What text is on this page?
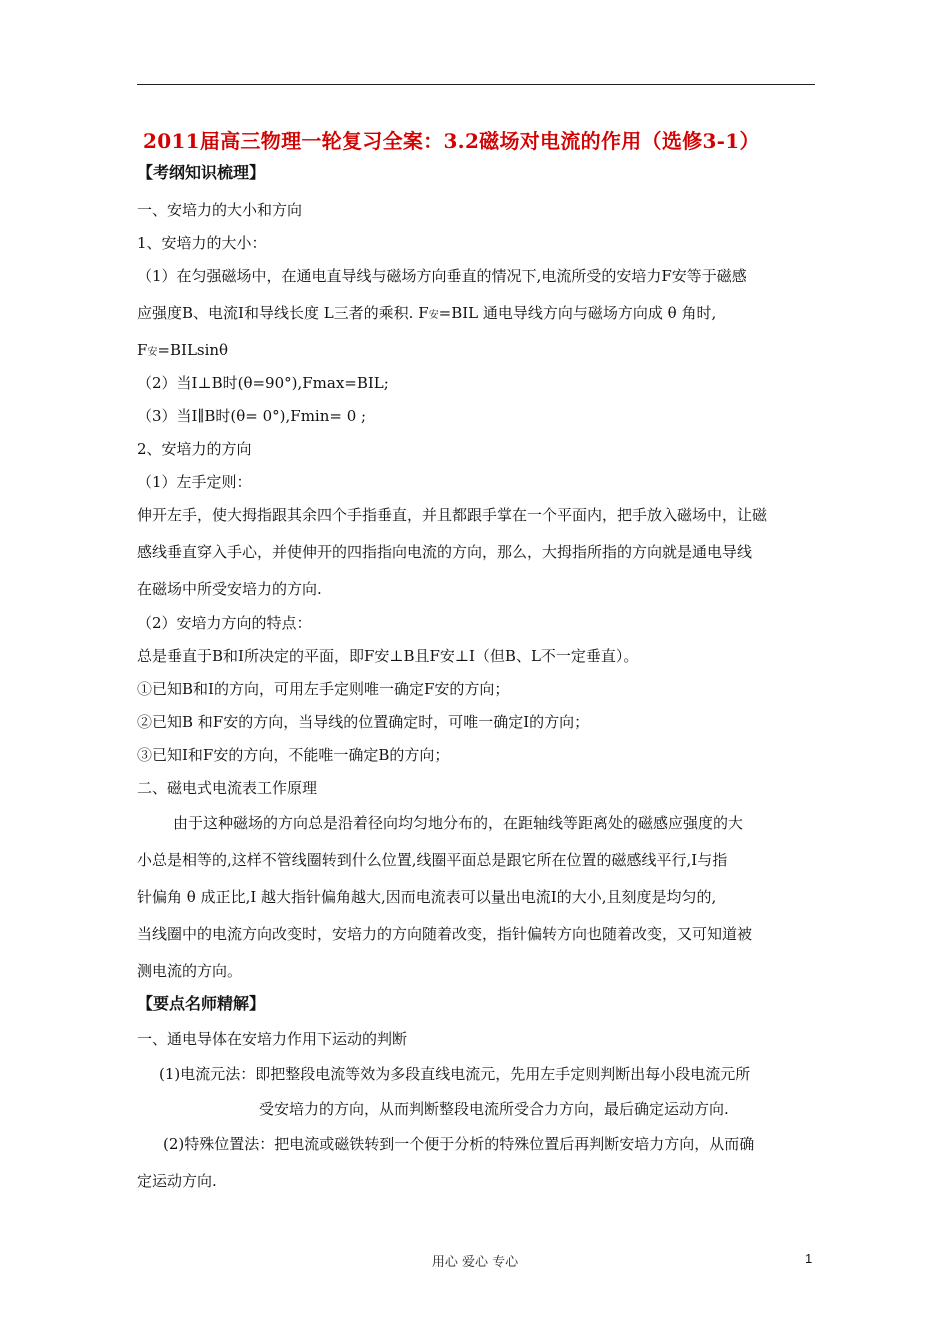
2011届高三物理一轮复习全案：3.2磁场对电流的作用（选修3-1）
【考纲知识梳理】
一、安培力的大小和方向
1、安培力的大小：
（1）在匀强磁场中，在通电直导线与磁场方向垂直的情况下,电流所受的安培力F安等于磁感
应强度B、电流I和导线长度 L三者的乘积. F安=BIL 通电导线方向与磁场方向成 θ 角时,
F安=BILsinθ
（2）当I⊥B时(θ=90°),Fmax=BIL;
（3）当I∥B时(θ= 0°),Fmin= 0 ;
2、安培力的方向
（1）左手定则：
伸开左手，使大拇指跟其余四个手指垂直，并且都跟手掌在一个平面内，把手放入磁场中，让磁
感线垂直穿入手心，并使伸开的四指指向电流的方向，那么，大拇指所指的方向就是通电导线
在磁场中所受安培力的方向.
（2）安培力方向的特点：
总是垂直于B和I所决定的平面，即F安⊥B且F安⊥I（但B、L不一定垂直）。
①已知B和I的方向，可用左手定则唯一确定F安的方向；
②已知B 和F安的方向，当导线的位置确定时，可唯一确定I的方向；
③已知I和F安的方向，不能唯一确定B的方向；
二、磁电式电流表工作原理
由于这种磁场的方向总是沿着径向均匀地分布的，在距轴线等距离处的磁感应强度的大
小总是相等的,这样不管线圈转到什么位置,线圈平面总是跟它所在位置的磁感线平行,I与指
针偏角 θ 成正比,I 越大指针偏角越大,因而电流表可以量出电流I的大小,且刻度是均匀的,
当线圈中的电流方向改变时，安培力的方向随着改变，指针偏转方向也随着改变，又可知道被
测电流的方向。
【要点名师精解】
一、通电导体在安培力作用下运动的判断
(1)电流元法：即把整段电流等效为多段直线电流元，先用左手定则判断出每小段电流元所
受安培力的方向，从而判断整段电流所受合力方向，最后确定运动方向.
(2)特殊位置法：把电流或磁铁转到一个便于分析的特殊位置后再判断安培力方向，从而确
定运动方向.
用心 爱心 专心	1
